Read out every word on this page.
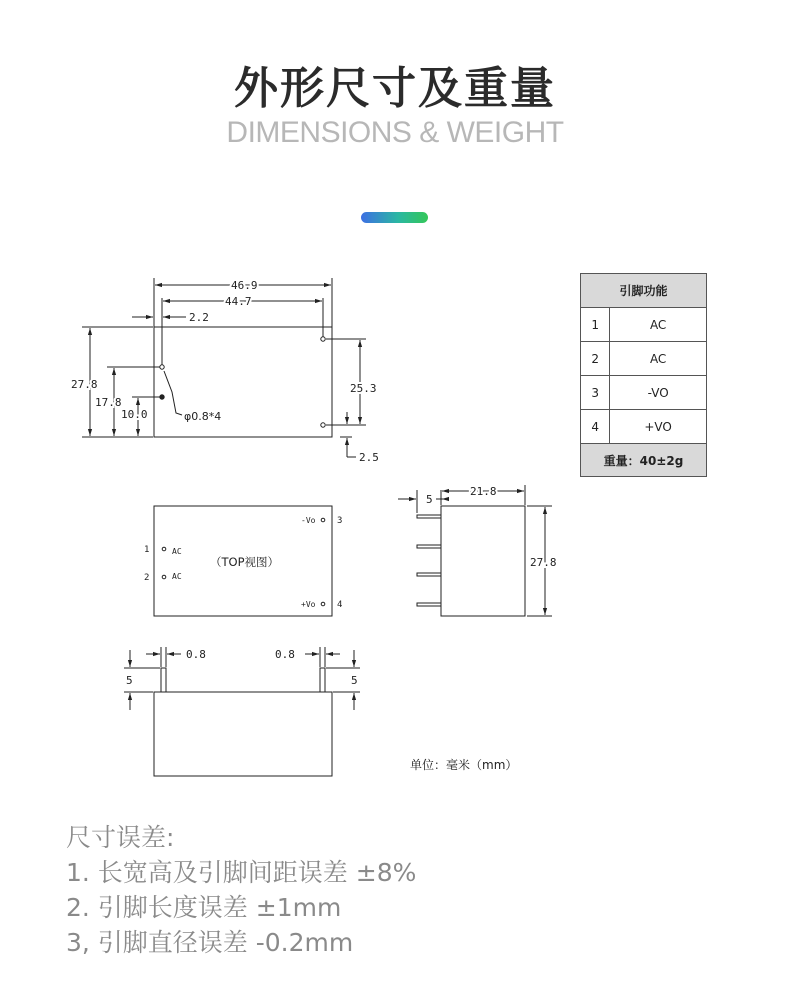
外形尺寸及重量
DIMENSIONS & WEIGHT
46.9
44.7
2.2
27.8
17.8
10.0	φ0.8*4
25.3
2.5
（TOP视图）
1	AC
2	AC
-Vo 3
+Vo 4
5
21.8
27.8
0.8	0.8
5	5
单位：毫米（mm）
引脚功能	
1	AC
2	AC
3	-VO
4	+VO
重量：40±2g	
尺寸误差:
1. 长宽高及引脚间距误差 ±8%
2. 引脚长度误差 ±1mm
3, 引脚直径误差 -0.2mm
